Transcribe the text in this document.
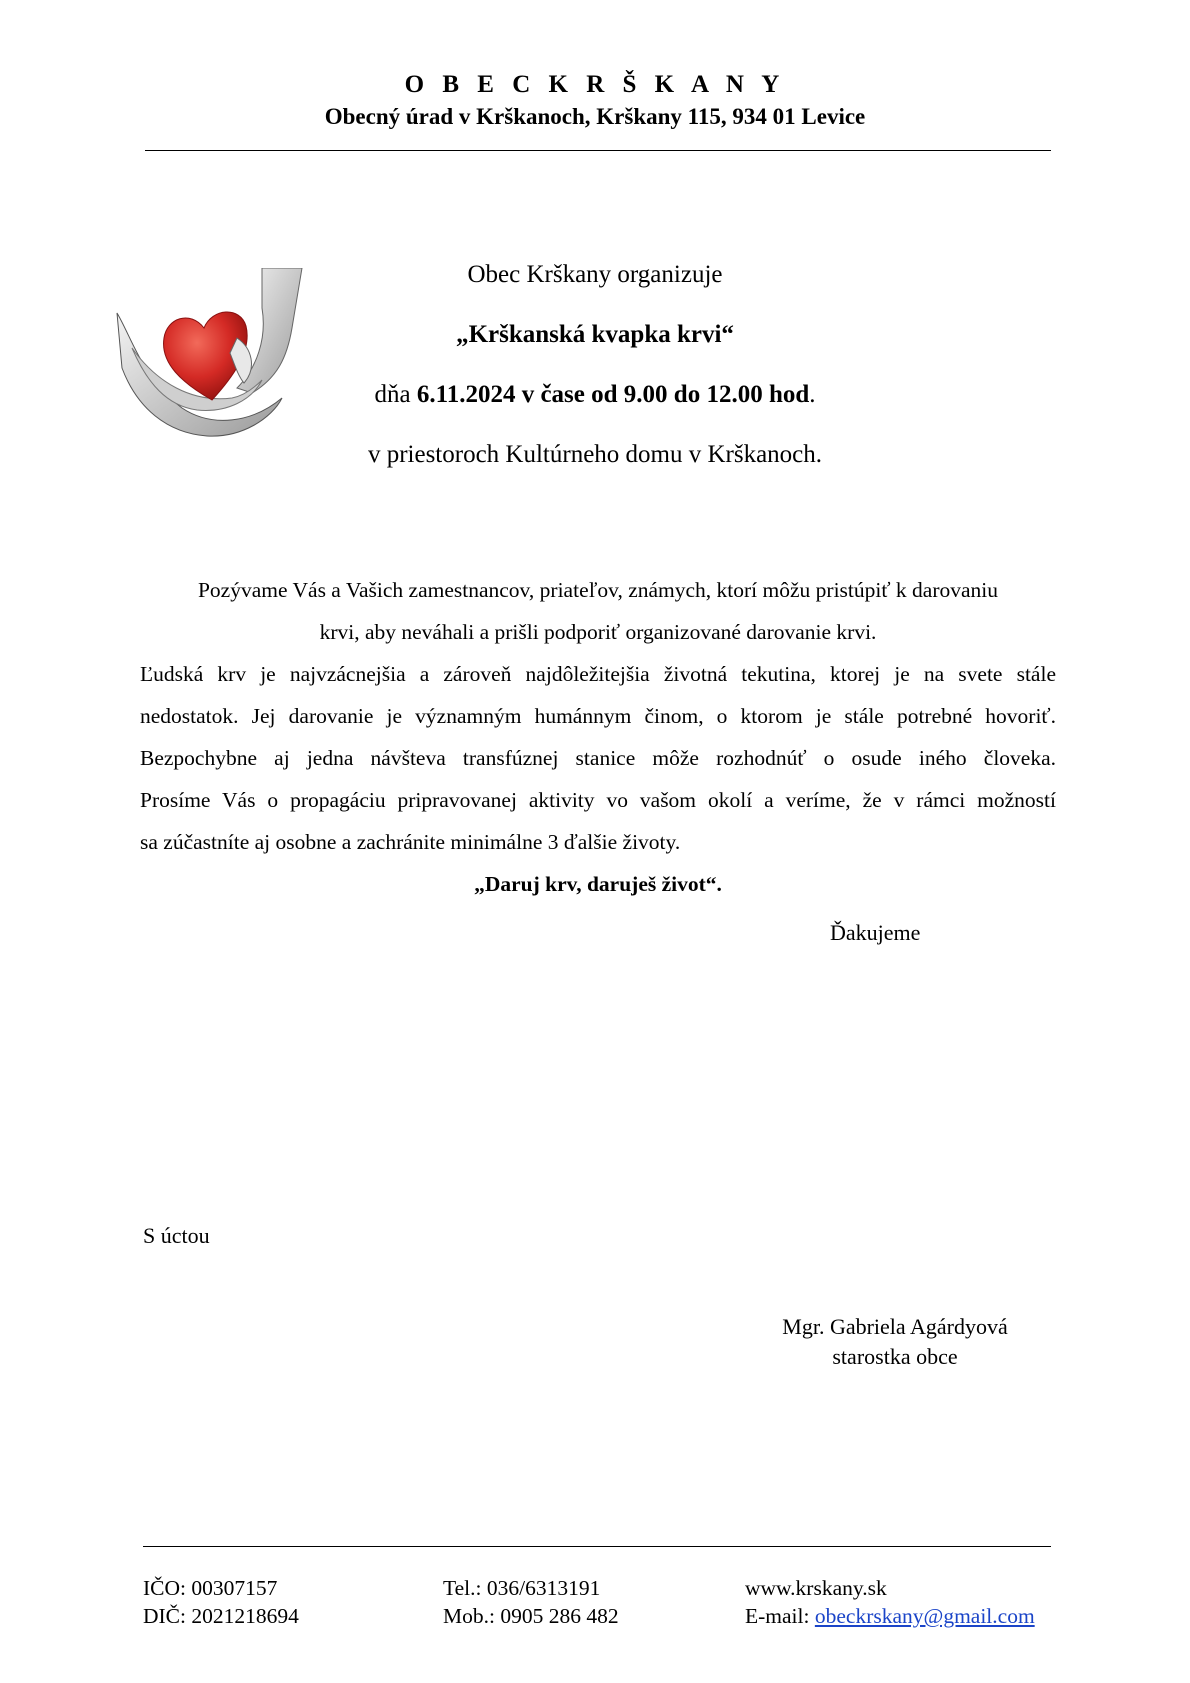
O B E C K R Š K A N Y
Obecný úrad v Krškanoch, Krškany 115, 934 01 Levice
Obec Krškany organizuje
„Krškanská kvapka krvi“
dňa 6.11.2024 v čase od 9.00 do 12.00 hod.
v priestoroch Kultúrneho domu v Krškanoch.

Pozývame Vás a Vašich zamestnancov, priateľov, známych, ktorí môžu pristúpiť k darovaniu

krvi, aby neváhali a prišli podporiť organizované darovanie krvi.

Ľudská krv je najvzácnejšia a zároveň najdôležitejšia životná tekutina, ktorej je na svete stále

nedostatok. Jej darovanie je významným humánnym činom, o ktorom je stále potrebné hovoriť.

Bezpochybne aj jedna návšteva transfúznej stanice môže rozhodnúť o osude iného človeka.

Prosíme Vás o propagáciu pripravovanej aktivity vo vašom okolí a veríme, že v rámci možností

sa zúčastníte aj osobne a zachránite minimálne 3 ďalšie životy.

„Daruj krv, daruješ život“.

Ďakujeme
S úctou
Mgr. Gabriela Agárdyová
starostka obce
IČO: 00307157
DIČ: 2021218694
Tel.: 036/6313191
Mob.: 0905 286 482
www.krskany.sk
E-mail: obeckrskany@gmail.com
